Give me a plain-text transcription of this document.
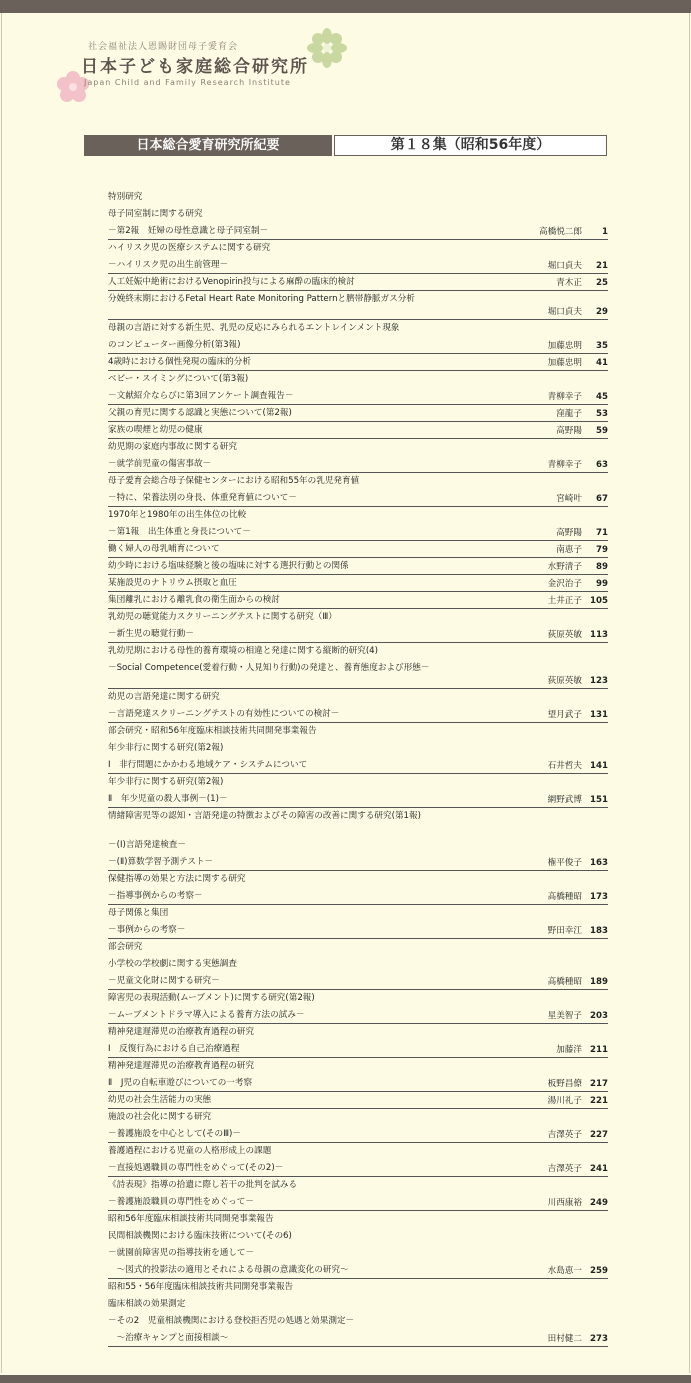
社会福祉法人恩賜財団母子愛育会
日本子ども家庭総合研究所
Japan Child and Family Research Institute
日本総合愛育研究所紀要	第１８集（昭和56年度）
特別研究
母子同室制に関する研究
－第2報　妊婦の母性意識と母子同室制－	高橋悦二郎	1
ハイリスク児の医療システムに関する研究
－ハイリスク児の出生前管理－	堀口貞夫	21
人工妊娠中絶術におけるVenopirin投与による麻酔の臨床的検討	青木正	25
分娩終末期におけるFetal Heart Rate Monitoring Patternと臍帯静脈ガス分析
堀口貞夫	29
母親の言語に対する新生児、乳児の反応にみられるエントレインメント現象
のコンピューター画像分析(第3報)	加藤忠明	35
4歳時における個性発現の臨床的分析	加藤忠明	41
ベビー・スイミングについて(第3報)
－文献紹介ならびに第3回アンケート調査報告－	青柳幸子	45
父親の育児に関する認識と実態について(第2報)	窪龍子	53
家族の喫煙と幼児の健康	高野陽	59
幼児期の家庭内事故に関する研究
－就学前児童の傷害事故－	青柳幸子	63
母子愛育会総合母子保健センターにおける昭和55年の乳児発育値
－特に、栄養法別の身長、体重発育値について－	宮崎叶	67
1970年と1980年の出生体位の比較
－第1報　出生体重と身長について－	高野陽	71
働く婦人の母乳哺育について	南恵子	79
幼少時における塩味経験と後の塩味に対する選択行動との関係	水野清子	89
某施設児のナトリウム摂取と血圧	金沢治子	99
集団離乳における離乳食の衛生面からの検討	土井正子 105
乳幼児の聴覚能力スクリーニングテストに関する研究（Ⅲ）
－新生児の聴覚行動－	荻原英敏 113
乳幼児期における母性的養育環境の相違と発達に関する縦断的研究(4)
－Social Competence(愛着行動・人見知り行動)の発達と、養育態度および形態－
荻原英敏 123
幼児の言語発達に関する研究
－言語発達スクリーニングテストの有効性についての検討－	望月武子 131
部会研究・昭和56年度臨床相談技術共同開発事業報告
年少非行に関する研究(第2報)
Ⅰ　非行問題にかかわる地域ケア・システムについて	石井哲夫 141
年少非行に関する研究(第2報)
Ⅱ　年少児童の殺人事例－(1)－	網野武博 151
情緒障害児等の認知・言語発達の特徴およびその障害の改善に関する研究(第1報)
－(Ⅰ)言語発達検査－
－(Ⅱ)算数学習予測テスト－	権平俊子 163
保健指導の効果と方法に関する研究
－指導事例からの考察－	高橋種昭 173
母子関係と集団
－事例からの考察－	野田幸江 183
部会研究
小学校の学校劇に関する実態調査
－児童文化財に関する研究－	高橋種昭 189
障害児の表現活動(ムーブメント)に関する研究(第2報)
－ムーブメントドラマ導入による養育方法の試み－	星美智子 203
精神発達遅滞児の治療教育過程の研究
Ⅰ　反復行為における自己治療過程	加藤洋 211
精神発達遅滞児の治療教育過程の研究
Ⅱ　J児の自転車遊びについての一考察	板野昌僚 217
幼児の社会生活能力の実態	湯川礼子 221
施設の社会化に関する研究
－養護施設を中心として(そのⅢ)－	吉澤英子 227
養護過程における児童の人格形成上の課題
－直接処遇職員の専門性をめぐって(その2)－	吉澤英子 241
《詩表現》指導の拾遺に際し若干の批判を試みる
－養護施設職員の専門性をめぐって－	川西康裕 249
昭和56年度臨床相談技術共同開発事業報告
民間相談機関における臨床技術について(その6)
－就園前障害児の指導技術を通して－
　～図式的投影法の適用とそれによる母親の意識変化の研究～	水島恵一 259
昭和55・56年度臨床相談技術共同開発事業報告
臨床相談の効果測定
－その2　児童相談機関における登校拒否児の処遇と効果測定－
　～治療キャンプと面接相談～	田村健二 273
